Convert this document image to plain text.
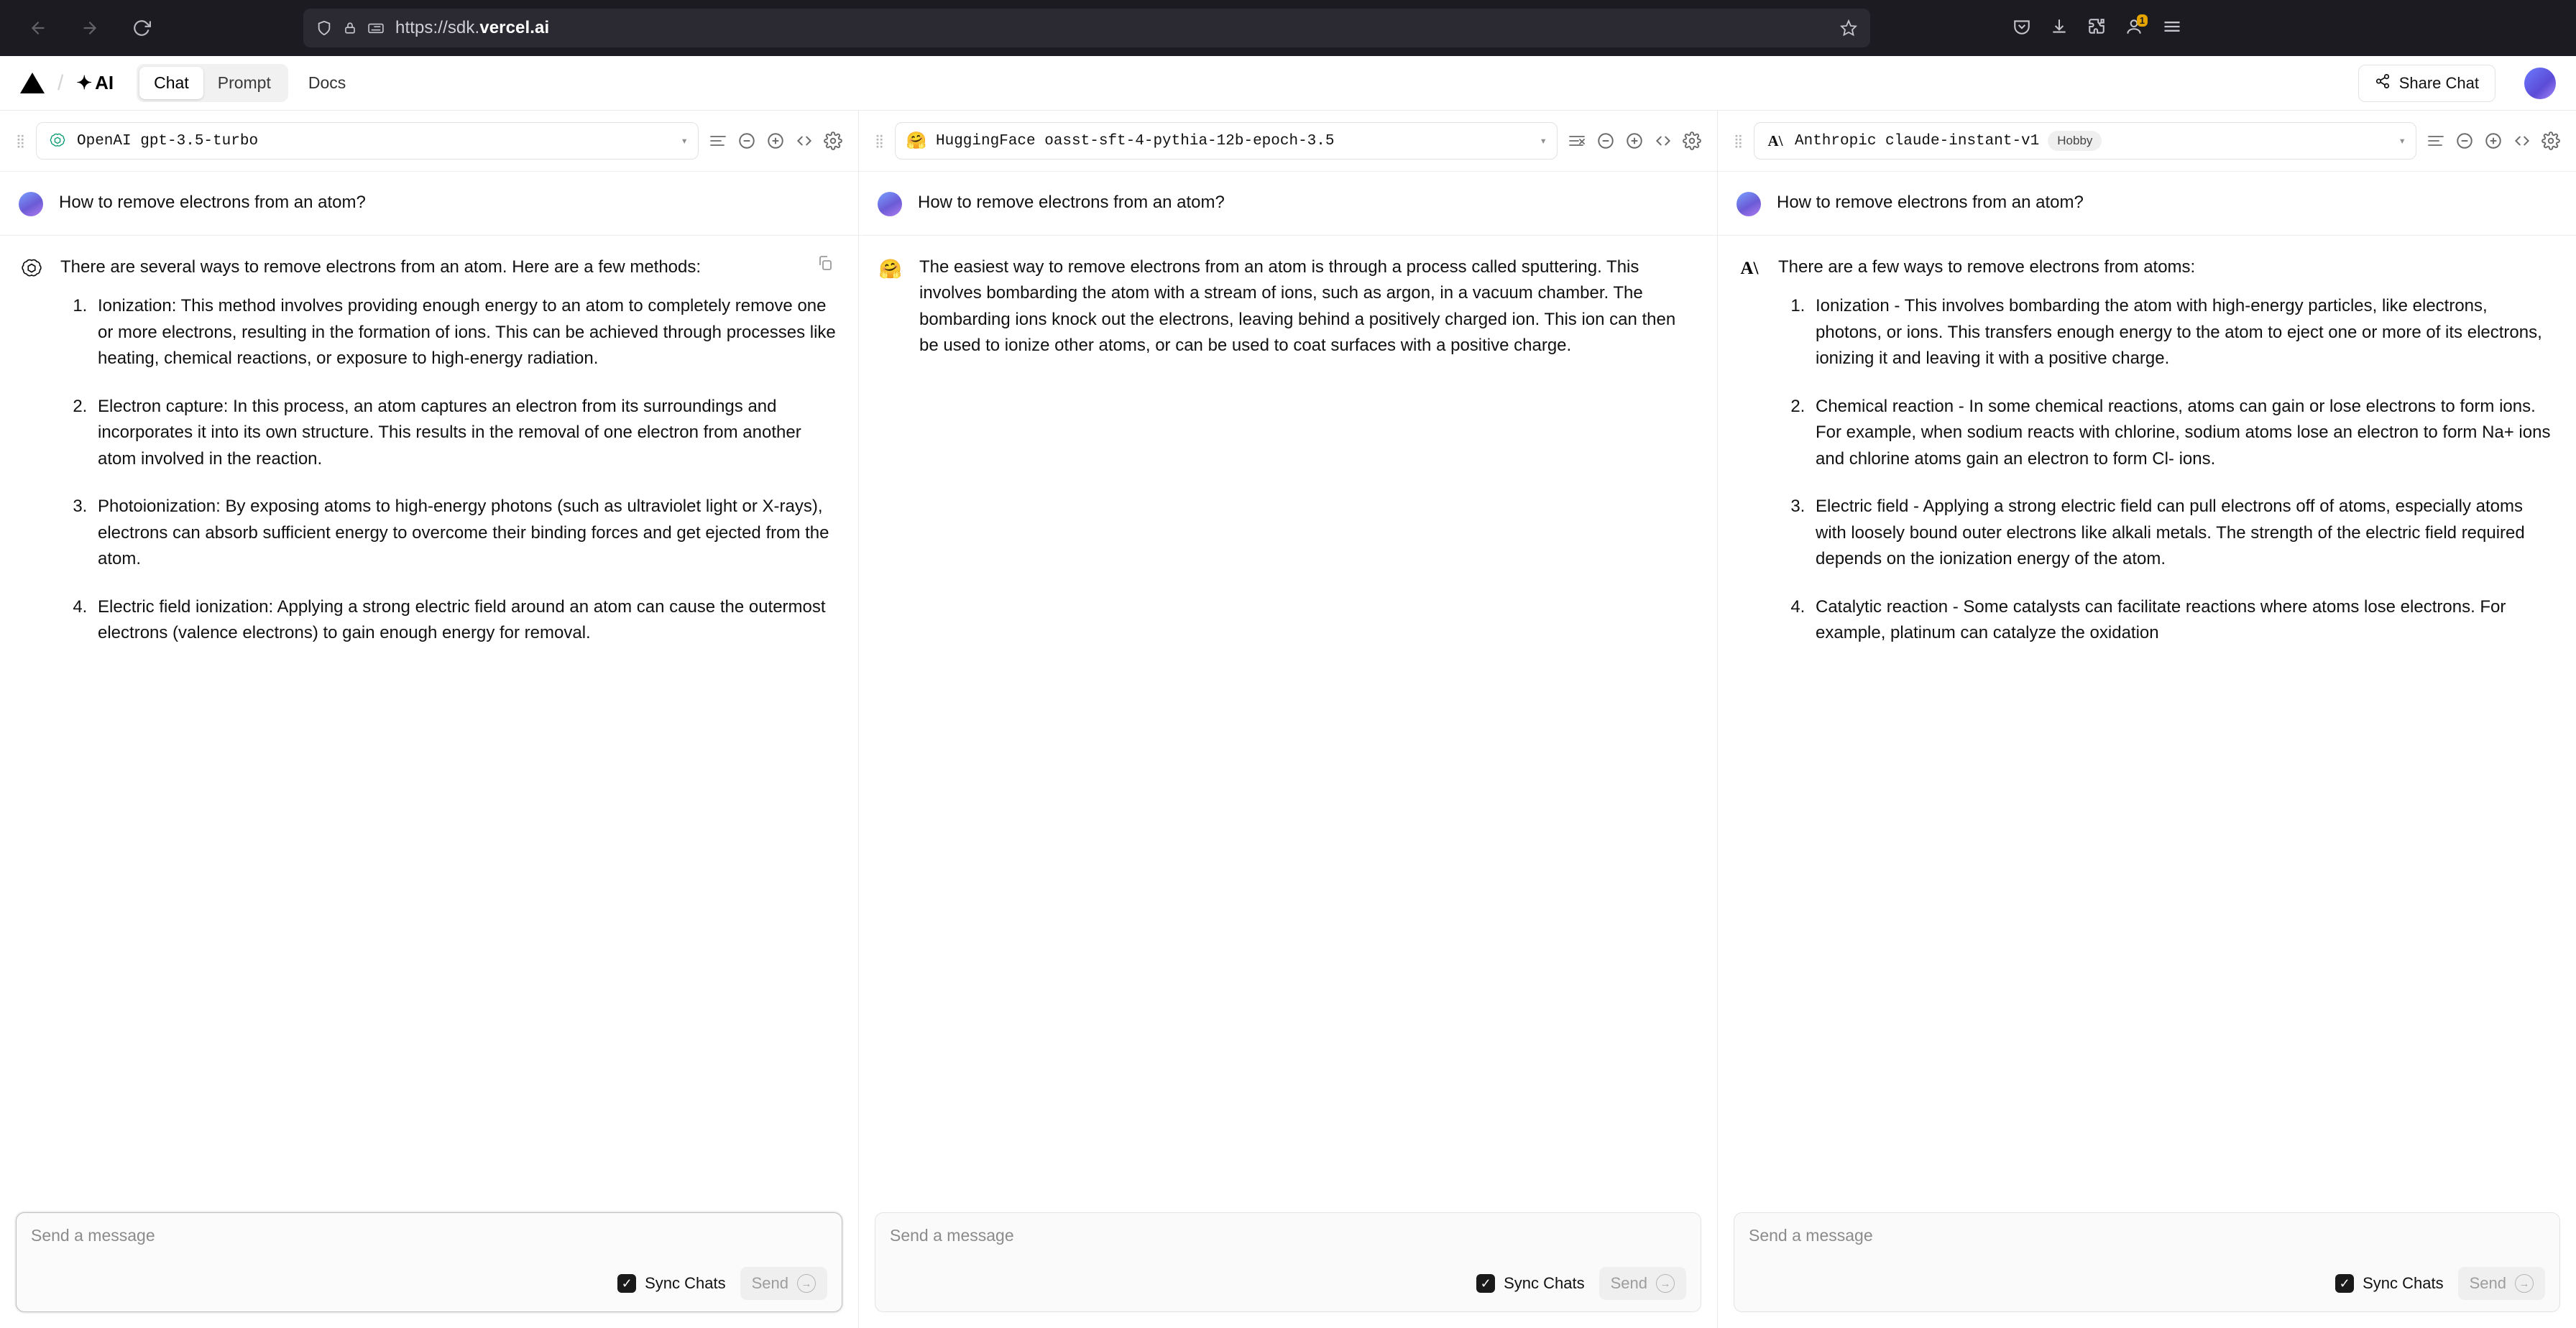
https://sdk.vercel.ai	1
/ ✦ AI	Chat	Prompt	Docs	Share Chat
⣿	OpenAI gpt-3.5-turbo	▾
How to remove electrons from an atom?

There are several ways to remove electrons from an atom. Here are a few methods:

1. Ionization: This method involves providing enough energy to an atom to completely remove one or more electrons, resulting in the formation of ions. This can be achieved through processes like heating, chemical reactions, or exposure to high-energy radiation.
2. Electron capture: In this process, an atom captures an electron from its surroundings and incorporates it into its own structure. This results in the removal of one electron from another atom involved in the reaction.
3. Photoionization: By exposing atoms to high-energy photons (such as ultraviolet light or X-rays), electrons can absorb sufficient energy to overcome their binding forces and get ejected from the atom.
4. Electric field ionization: Applying a strong electric field around an atom can cause the outermost electrons (valence electrons) to gain enough energy for removal.
Send a message
✓ Sync Chats Send	→
⣿ 🤗 HuggingFace oasst-sft-4-pythia-12b-epoch-3.5	▾
How to remove electrons from an atom?
🤗 The easiest way to remove electrons from an atom is through a process called sputtering. This involves bombarding the atom with a stream of ions, such as argon, in a vacuum chamber. The bombarding ions knock out the electrons, leaving behind a positively charged ion. This ion can then be used to ionize other atoms, or can be used to coat surfaces with a positive charge.

Send a message
✓ Sync Chats Send	→
⣿ A\ Anthropic claude-instant-v1	Hobby	▾
How to remove electrons from an atom?
A\ There are a few ways to remove electrons from atoms:

1. Ionization - This involves bombarding the atom with high-energy particles, like electrons, photons, or ions. This transfers enough energy to the atom to eject one or more of its electrons, ionizing it and leaving it with a positive charge.
2. Chemical reaction - In some chemical reactions, atoms can gain or lose electrons to form ions. For example, when sodium reacts with chlorine, sodium atoms lose an electron to form Na+ ions and chlorine atoms gain an electron to form Cl- ions.
3. Electric field - Applying a strong electric field can pull electrons off of atoms, especially atoms with loosely bound outer electrons like alkali metals. The strength of the electric field required depends on the ionization energy of the atom.
4. Catalytic reaction - Some catalysts can facilitate reactions where atoms lose electrons. For example, platinum can catalyze the oxidation
Send a message
✓ Sync Chats Send	→
